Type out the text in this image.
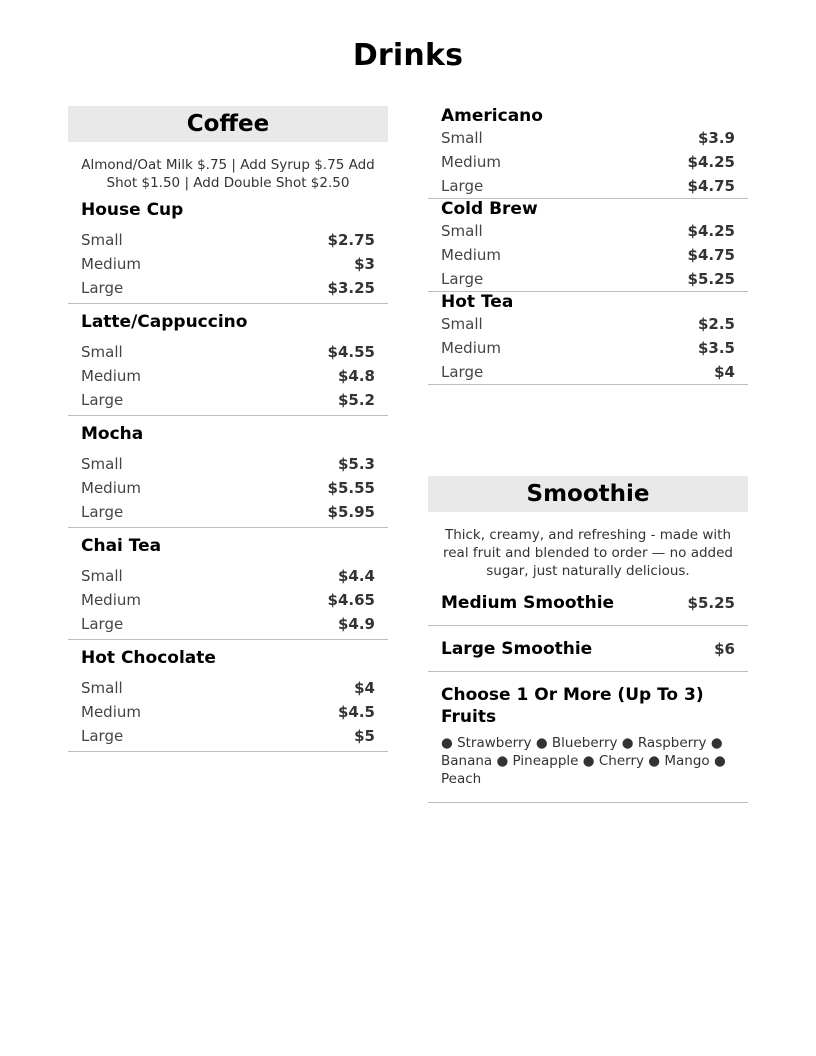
Drinks
Coffee
Almond/Oat Milk $.75 | Add Syrup $.75 Add Shot $1.50 | Add Double Shot $2.50
House Cup
Small	$2.75
Medium	$3
Large	$3.25
Latte/Cappuccino
Small	$4.55
Medium	$4.8
Large	$5.2
Mocha
Small	$5.3
Medium	$5.55
Large	$5.95
Chai Tea
Small	$4.4
Medium	$4.65
Large	$4.9
Hot Chocolate
Small	$4
Medium	$4.5
Large	$5
Americano
Small	$3.9
Medium	$4.25
Large	$4.75
Cold Brew
Small	$4.25
Medium	$4.75
Large	$5.25
Hot Tea
Small	$2.5
Medium	$3.5
Large	$4
Smoothie
Thick, creamy, and refreshing - made with real fruit and blended to order — no added sugar, just naturally delicious.
Medium Smoothie	$5.25
Large Smoothie	$6
Choose 1 Or More (Up To 3) Fruits
● Strawberry ● Blueberry ● Raspberry ● Banana ● Pineapple ● Cherry ● Mango ● Peach
